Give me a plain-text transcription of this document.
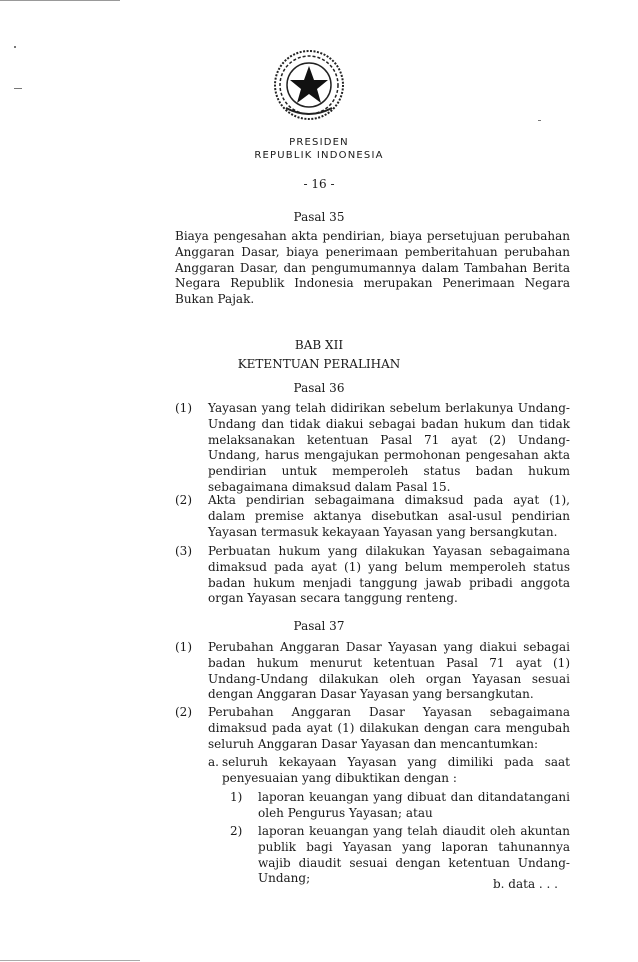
PRESIDEN
REPUBLIK INDONESIA
- 16 -
Pasal 35
Biaya pengesahan akta pendirian, biaya persetujuan perubahan Anggaran Dasar, biaya penerimaan pemberitahuan perubahan Anggaran Dasar, dan pengumumannya dalam Tambahan Berita Negara Republik Indonesia merupakan Penerimaan Negara Bukan Pajak.
BAB XII
KETENTUAN PERALIHAN
Pasal 36
(1) Yayasan yang telah didirikan sebelum berlakunya Undang-Undang dan tidak diakui sebagai badan hukum dan tidak melaksanakan ketentuan Pasal 71 ayat (2) Undang-Undang, harus mengajukan permohonan pengesahan akta pendirian untuk memperoleh status badan hukum sebagaimana dimaksud dalam Pasal 15.
(2) Akta pendirian sebagaimana dimaksud pada ayat (1), dalam premise aktanya disebutkan asal-usul pendirian Yayasan termasuk kekayaan Yayasan yang bersangkutan.
(3) Perbuatan hukum yang dilakukan Yayasan sebagaimana dimaksud pada ayat (1) yang belum memperoleh status badan hukum menjadi tanggung jawab pribadi anggota organ Yayasan secara tanggung renteng.
Pasal 37
(1) Perubahan Anggaran Dasar Yayasan yang diakui sebagai badan hukum menurut ketentuan Pasal 71 ayat (1) Undang-Undang dilakukan oleh organ Yayasan sesuai dengan Anggaran Dasar Yayasan yang bersangkutan.
(2) Perubahan Anggaran Dasar Yayasan sebagaimana dimaksud pada ayat (1) dilakukan dengan cara mengubah seluruh Anggaran Dasar Yayasan dan mencantumkan:
a. seluruh kekayaan Yayasan yang dimiliki pada saat penyesuaian yang dibuktikan dengan :
1) laporan keuangan yang dibuat dan ditandatangani oleh Pengurus Yayasan; atau
2) laporan keuangan yang telah diaudit oleh akuntan publik bagi Yayasan yang laporan tahunannya wajib diaudit sesuai dengan ketentuan Undang-Undang;	b. data . . .
